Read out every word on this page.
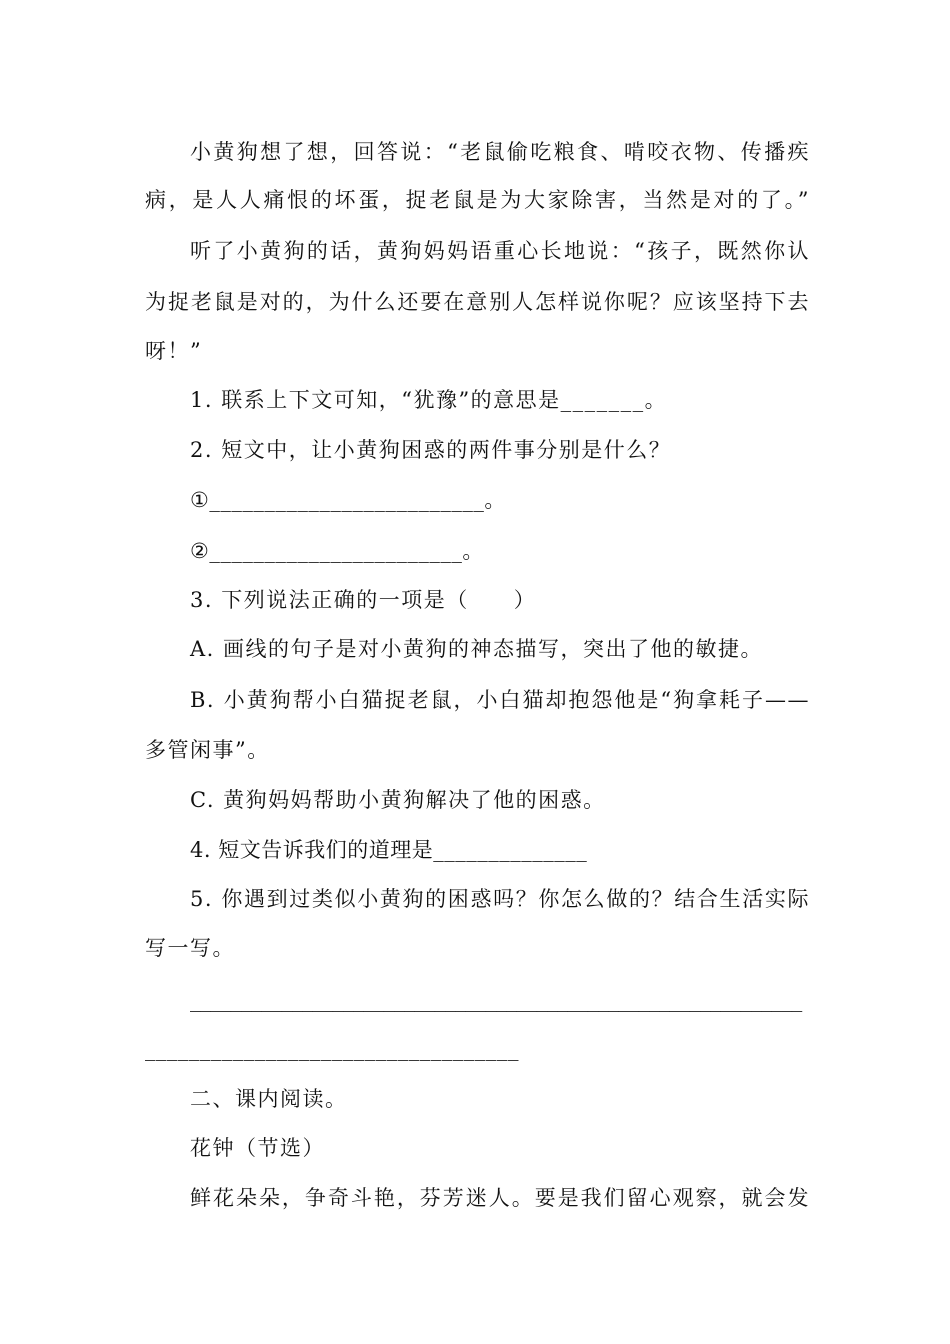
小黄狗想了想，回答说：“老鼠偷吃粮食、啃咬衣物、传播疾
病，是人人痛恨的坏蛋，捉老鼠是为大家除害，当然是对的了。”
听了小黄狗的话，黄狗妈妈语重心长地说：“孩子，既然你认
为捉老鼠是对的，为什么还要在意别人怎样说你呢？应该坚持下去
呀！”
1. 联系上下文可知，“犹豫”的意思是_______。
2. 短文中，让小黄狗困惑的两件事分别是什么？
①_________________________。
②_______________________。
3. 下列说法正确的一项是（　　）
A. 画线的句子是对小黄狗的神态描写，突出了他的敏捷。
B. 小黄狗帮小白猫捉老鼠，小白猫却抱怨他是“狗拿耗子——
多管闲事”。
C. 黄狗妈妈帮助小黄狗解决了他的困惑。
4. 短文告诉我们的道理是______________
5. 你遇到过类似小黄狗的困惑吗？你怎么做的？结合生活实际
写一写。
____________________________________________________________
__________________________________
二、课内阅读。
花钟（节选）
鲜花朵朵，争奇斗艳，芬芳迷人。要是我们留心观察，就会发
